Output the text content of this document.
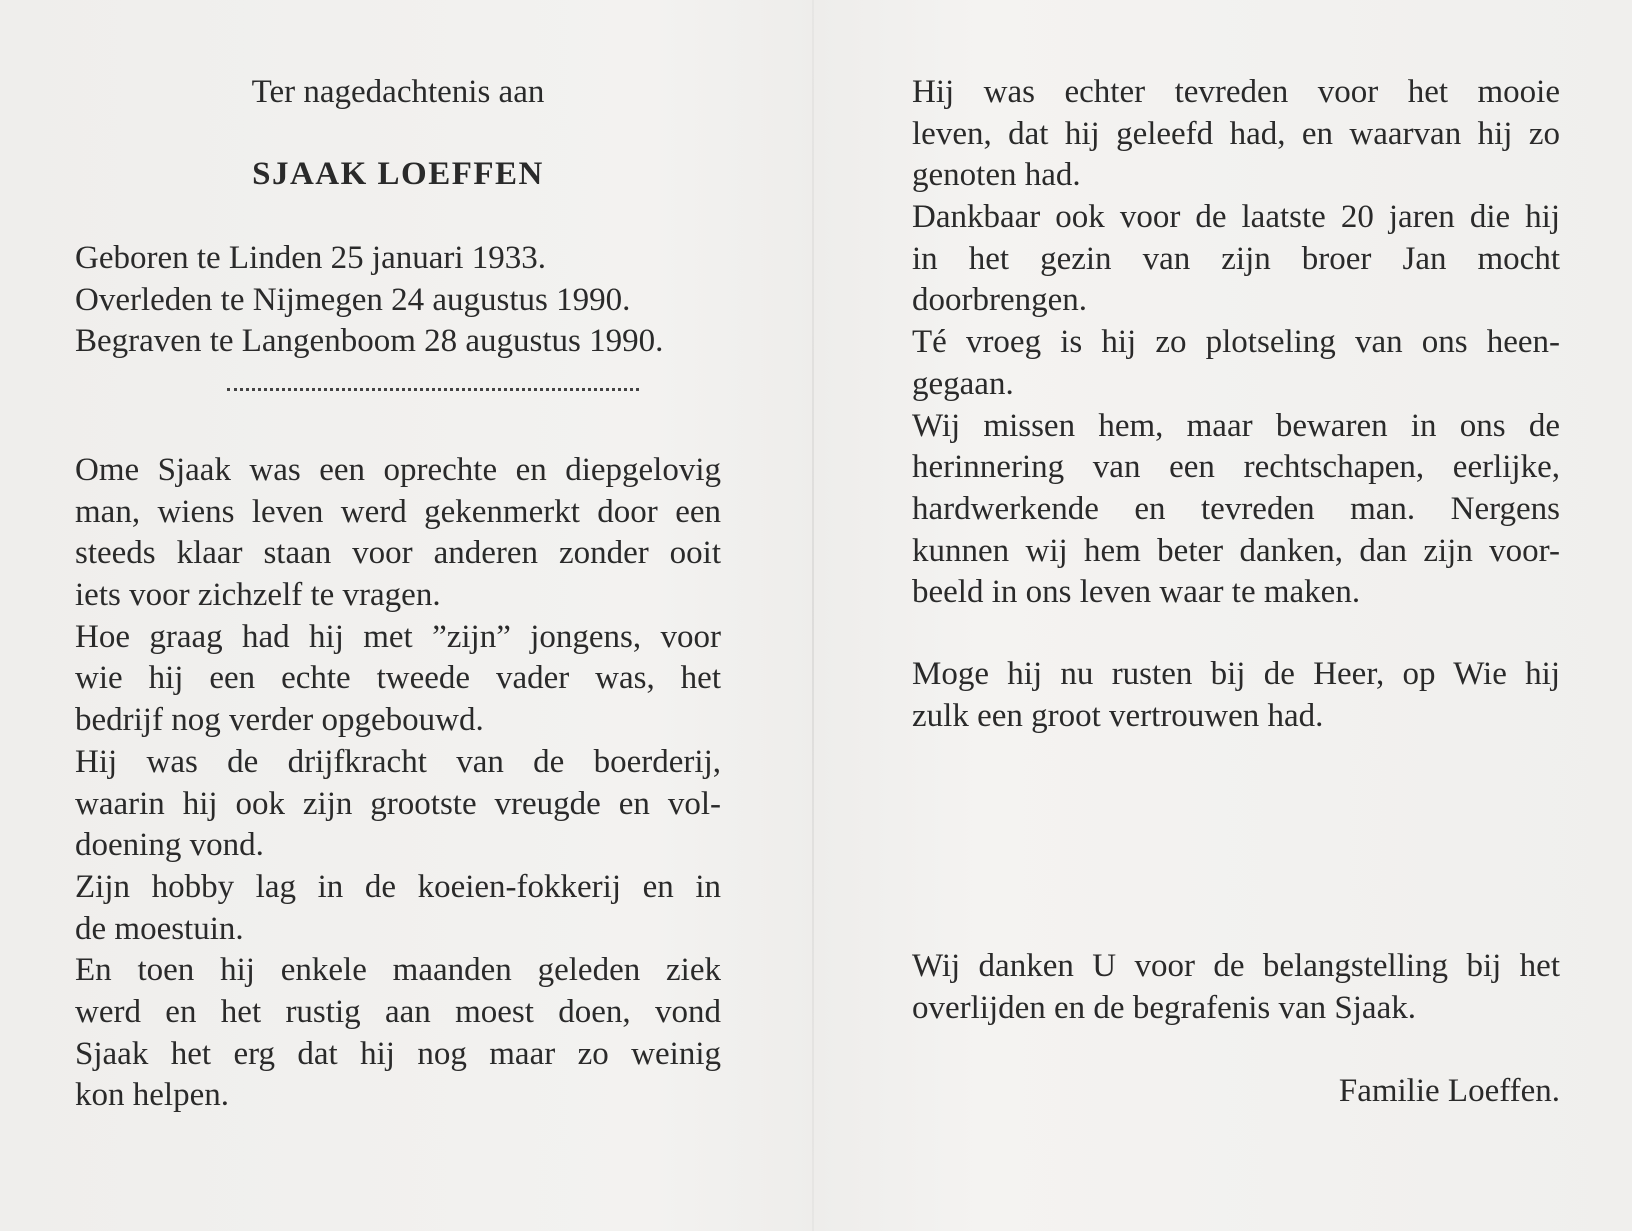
Ter nagedachtenis aan
SJAAK LOEFFEN
Geboren te Linden 25 januari 1933.
Overleden te Nijmegen 24 augustus 1990.
Begraven te Langenboom 28 augustus 1990.
Ome Sjaak was een oprechte en diepgelovig
man, wiens leven werd gekenmerkt door een
steeds klaar staan voor anderen zonder ooit
iets voor zichzelf te vragen.
Hoe graag had hij met ”zijn” jongens, voor
wie hij een echte tweede vader was, het
bedrijf nog verder opgebouwd.
Hij was de drijfkracht van de boerderij,
waarin hij ook zijn grootste vreugde en vol-
doening vond.
Zijn hobby lag in de koeien-fokkerij en in
de moestuin.
En toen hij enkele maanden geleden ziek
werd en het rustig aan moest doen, vond
Sjaak het erg dat hij nog maar zo weinig
kon helpen.
Hij was echter tevreden voor het mooie
leven, dat hij geleefd had, en waarvan hij zo
genoten had.
Dankbaar ook voor de laatste 20 jaren die hij
in het gezin van zijn broer Jan mocht
doorbrengen.
Té vroeg is hij zo plotseling van ons heen-
gegaan.
Wij missen hem, maar bewaren in ons de
herinnering van een rechtschapen, eerlijke,
hardwerkende en tevreden man. Nergens
kunnen wij hem beter danken, dan zijn voor-
beeld in ons leven waar te maken.
Moge hij nu rusten bij de Heer, op Wie hij
zulk een groot vertrouwen had.
Wij danken U voor de belangstelling bij het
overlijden en de begrafenis van Sjaak.
Familie Loeffen.
